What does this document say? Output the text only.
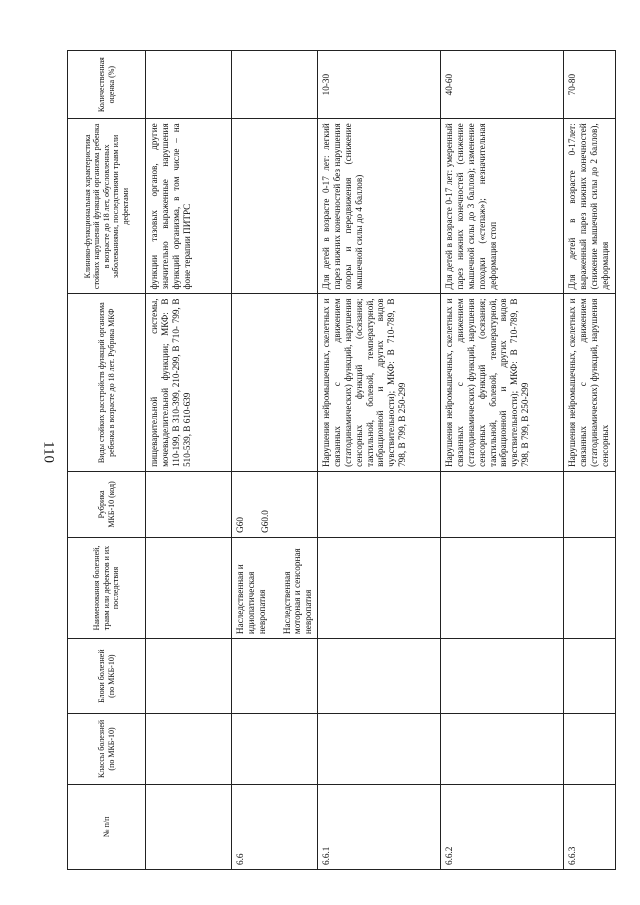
110
№ п/п	Классы болезней (по МКБ-10)	Блоки болезней (по МКБ-10)	Наименования болезней, травм или дефектов и их последствия	Рубрика МКБ-10 (код)	Виды стойких расстройств функций организма ребенка в возрасте до 18 лет. Рубрика МКФ	Клинико-функциональная характеристика стойких нарушений функций организма ребенка в возрасте до 18 лет, обусловленных заболеваниями, последствиями травм или дефектами	Количественная оценка (%)
					пищеварительной системы, мочевыделительной функции; МКФ: В 110-199, В 310-399, 210-299, В 710- 799, В 510-539, В 610-639	функции тазовых органов, другие значительно выраженные нарушения функций организма, в том числе – на фоне терапии ПИТРС	
6.6			Наследственная и идиопатическая невропатия Наследственная моторная и сенсорная невропатия	G60 G60.0			

6.6.1					Нарушения нейромышечных, скелетных и связанных с движением (статодинамических) функций, нарушения сенсорных функций (осязания; тактильной, болевой, температурной, вибрационной и других видов чувствительности); МКФ: В 710-789, В 798, В 799, В 250-299	Для детей в возрасте 0-17 лет: легкий парез нижних конечностей без нарушения опоры и передвижения (снижение мышечной силы до 4 баллов)	10-30
6.6.2					Нарушения нейромышечных, скелетных и связанных с движением (статодинамических) функций, нарушения сенсорных функций (осязания; тактильной, болевой, температурной, вибрационной и других видов чувствительности); МКФ: В 710-789, В 798, В 799, В 250-299	Для детей в возрасте 0-17 лет: умеренный парез нижних конечностей (снижение мышечной силы до 3 баллов); изменение походки («степаж»); незначительная деформация стоп	40-60
6.6.3					Нарушения нейромышечных, скелетных и связанных с движением (статодинамических) функций, нарушения сенсорных	Для детей в возрасте 0-17лет: выраженный парез нижних конечностей (снижение мышечной силы до 2 баллов), деформация	70-80
